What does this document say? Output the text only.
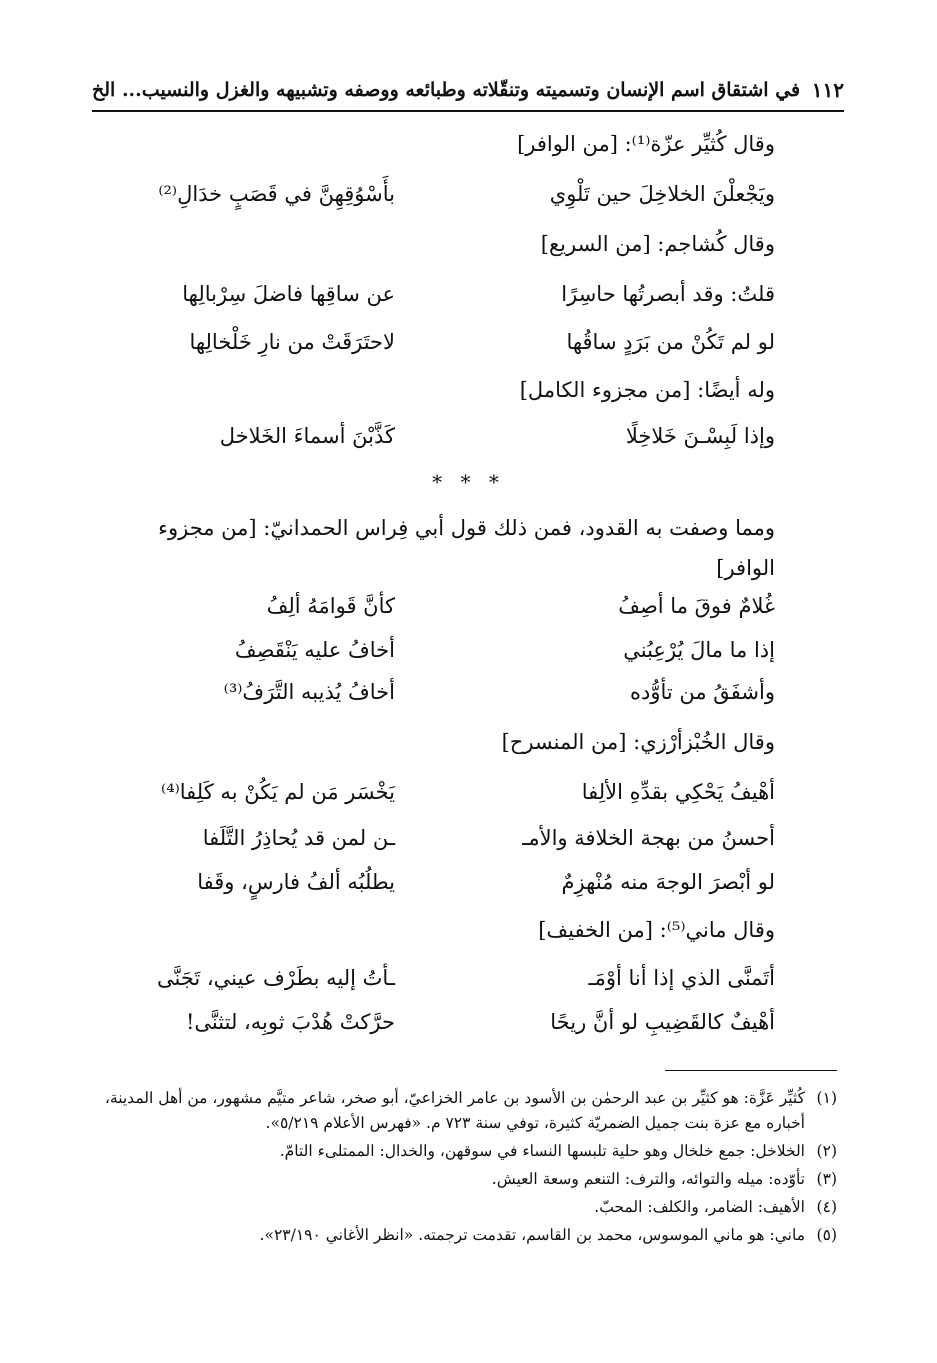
١١٢
في اشتقاق اسم الإنسان وتسميته وتنقّلاته وطبائعه ووصفه وتشبيهه والغزل والنسيب... الخ
وقال كُثيِّر عزّة⁽¹⁾: [من الوافر]
ويَجْعلْنَ الخلاخِلَ حين تَلْوِي
بأَسْوُقِهِنَّ في قَصَبٍ خدَالِ⁽²⁾
وقال كُشاجم: [من السريع]
قلتُ: وقد أبصرتُها حاسِرًا
عن ساقِها فاضلَ سِرْبالِها
لو لم تَكُنْ من بَرَدٍ ساقُها
لاحتَرَقَتْ من نارِ خَلْخالِها
وله أيضًا: [من مجزوء الكامل]
وإذا لَبِسْـنَ خَلاخِلًا
كَذَّبْنَ أسماءَ الخَلاخل
* * *
ومما وصفت به القدود، فمن ذلك قول أبي فِراس الحمدانيّ: [من مجزوء الوافر]
غُلامٌ فوقَ ما أصِفُ
كأنَّ قَوامَهُ ألِفُ
إذا ما مالَ يُرْعِبُني
أخافُ عليه يَنْقَصِفُ
وأشفَقُ من تأوُّده
أخافُ يُذيبه التَّرَفُ⁽³⁾
وقال الخُبْزأرْزي: [من المنسرح]
أهْيفُ يَحْكِي بقدِّهِ الألِفا
يَخْسَر مَن لم يَكُنْ به كَلِفا⁽⁴⁾
أحسنُ من بهجة الخلافة والأمـ
ـن لمن قد يُحاذِرُ التَّلَفا
لو أبْصرَ الوجهَ منه مُنْهزِمٌ
يطلُبُه ألفُ فارسٍ، وقَفا
وقال ماني⁽⁵⁾: [من الخفيف]
أتَمنَّى الذي إذا أنا أوْمَـ
ـأتُ إليه بطَرْف عيني، تَجَنَّى
أهْيفٌ كالقَضِيبِ لو أنَّ ريحًا
حرَّكتْ هُدْبَ ثوبِه، لتثنَّى!
(١)
كُثيِّر عَزَّة: هو كثيِّر بن عبد الرحمٰن بن الأسود بن عامر الخزاعيّ، أبو صخر، شاعر متيَّم مشهور، من أهل المدينة، أخباره مع عزة بنت جميل الضمريّة كثيرة، توفي سنة ٧٢٣ م. «فهرس الأعلام ٥/٢١٩».
(٢)
الخلاخل: جمع خلخال وهو حلية تلبسها النساء في سوقهن، والخدال: الممتلىء التامّ.
(٣)
تأوّده: ميله والتوائه، والترف: التنعم وسعة العيش.
(٤)
الأهيف: الضامر، والكلف: المحبّ.
(٥)
ماني: هو ماني الموسوس، محمد بن القاسم، تقدمت ترجمته. «انظر الأغاني ٢٣/١٩٠».
